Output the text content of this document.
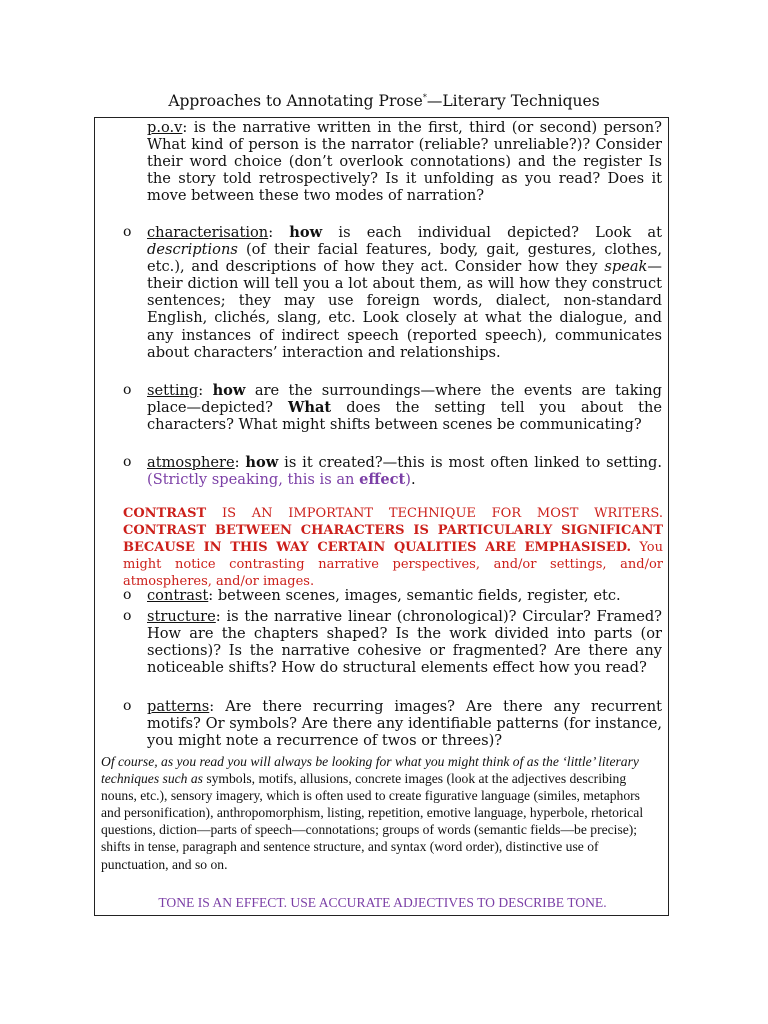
Approaches to Annotating Prose*—Literary Techniques
p.o.v: is the narrative written in the first, third (or second) person? What kind of person is the narrator (reliable? unreliable?)? Consider their word choice (don’t overlook connotations) and the register Is the story told retrospectively? Is it unfolding as you read? Does it move between these two modes of narration?
o characterisation: how is each individual depicted? Look at descriptions (of their facial features, body, gait, gestures, clothes, etc.), and descriptions of how they act. Consider how they speak—their diction will tell you a lot about them, as will how they construct sentences; they may use foreign words, dialect, non-standard English, clichés, slang, etc. Look closely at what the dialogue, and any instances of indirect speech (reported speech), communicates about characters’ interaction and relationships.
o setting: how are the surroundings—where the events are taking place—depicted? What does the setting tell you about the characters? What might shifts between scenes be communicating?
o atmosphere: how is it created?—this is most often linked to setting. (Strictly speaking, this is an effect).
CONTRAST IS AN IMPORTANT TECHNIQUE FOR MOST WRITERS. CONTRAST BETWEEN CHARACTERS IS PARTICULARLY SIGNIFICANT BECAUSE IN THIS WAY CERTAIN QUALITIES ARE EMPHASISED. You might notice contrasting narrative perspectives, and/or settings, and/or atmospheres, and/or images.
o contrast: between scenes, images, semantic fields, register, etc.
o structure: is the narrative linear (chronological)? Circular? Framed? How are the chapters shaped? Is the work divided into parts (or sections)? Is the narrative cohesive or fragmented? Are there any noticeable shifts? How do structural elements effect how you read?
o patterns: Are there recurring images? Are there any recurrent motifs? Or symbols? Are there any identifiable patterns (for instance, you might note a recurrence of twos or threes)?
Of course, as you read you will always be looking for what you might think of as the ‘little’ literary techniques such as symbols, motifs, allusions, concrete images (look at the adjectives describing nouns, etc.), sensory imagery, which is often used to create figurative language (similes, metaphors and personification), anthropomorphism, listing, repetition, emotive language, hyperbole, rhetorical questions, diction—parts of speech—connotations; groups of words (semantic fields—be precise); shifts in tense, paragraph and sentence structure, and syntax (word order), distinctive use of punctuation, and so on.
TONE IS AN EFFECT. USE ACCURATE ADJECTIVES TO DESCRIBE TONE.
